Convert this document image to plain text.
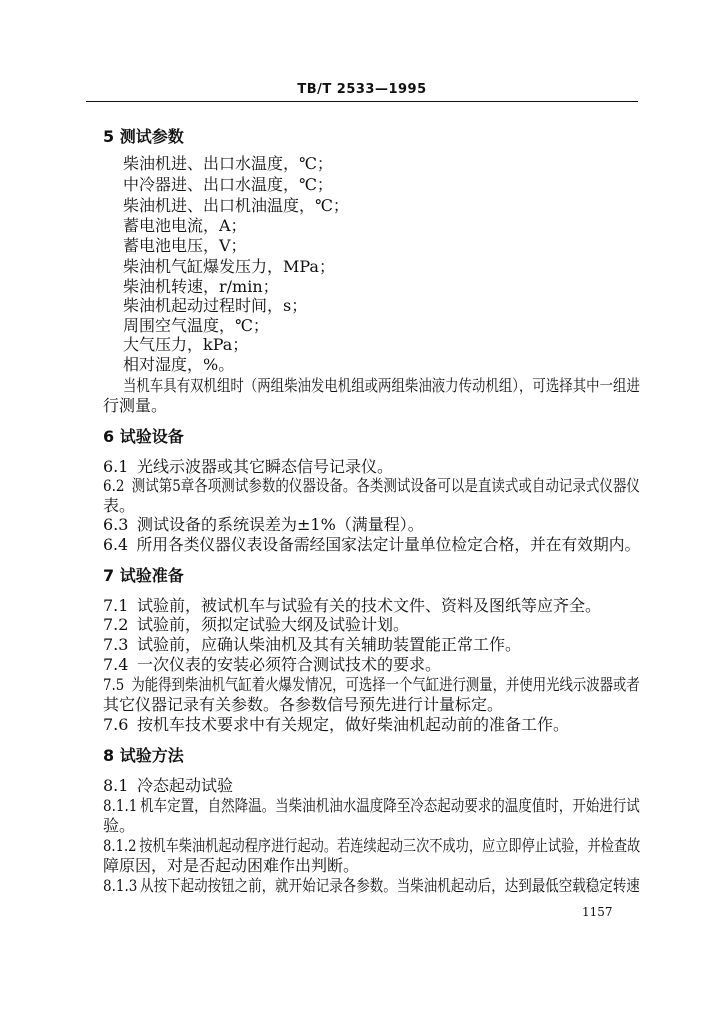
TB/T 2533—1995
5 测试参数
柴油机进、出口水温度，℃；
中冷器进、出口水温度，℃；
柴油机进、出口机油温度，℃；
蓄电池电流，A；
蓄电池电压，V；
柴油机气缸爆发压力，MPa；
柴油机转速，r/min；
柴油机起动过程时间，s；
周围空气温度，℃；
大气压力，kPa；
相对湿度，%。
当机车具有双机组时（两组柴油发电机组或两组柴油液力传动机组），可选择其中一组进
行测量。
6 试验设备
6.1 光线示波器或其它瞬态信号记录仪。
6.2 测试第5章各项测试参数的仪器设备。各类测试设备可以是直读式或自动记录式仪器仪
表。
6.3 测试设备的系统误差为±1%（满量程）。
6.4 所用各类仪器仪表设备需经国家法定计量单位检定合格，并在有效期内。
7 试验准备
7.1 试验前，被试机车与试验有关的技术文件、资料及图纸等应齐全。
7.2 试验前，须拟定试验大纲及试验计划。
7.3 试验前，应确认柴油机及其有关辅助装置能正常工作。
7.4 一次仪表的安装必须符合测试技术的要求。
7.5 为能得到柴油机气缸着火爆发情况，可选择一个气缸进行测量，并使用光线示波器或者
其它仪器记录有关参数。各参数信号预先进行计量标定。
7.6 按机车技术要求中有关规定，做好柴油机起动前的准备工作。
8 试验方法
8.1 冷态起动试验
8.1.1 机车定置，自然降温。当柴油机油水温度降至冷态起动要求的温度值时，开始进行试
验。
8.1.2 按机车柴油机起动程序进行起动。若连续起动三次不成功，应立即停止试验，并检查故
障原因，对是否起动困难作出判断。
8.1.3 从按下起动按钮之前，就开始记录各参数。当柴油机起动后，达到最低空载稳定转速
1157
